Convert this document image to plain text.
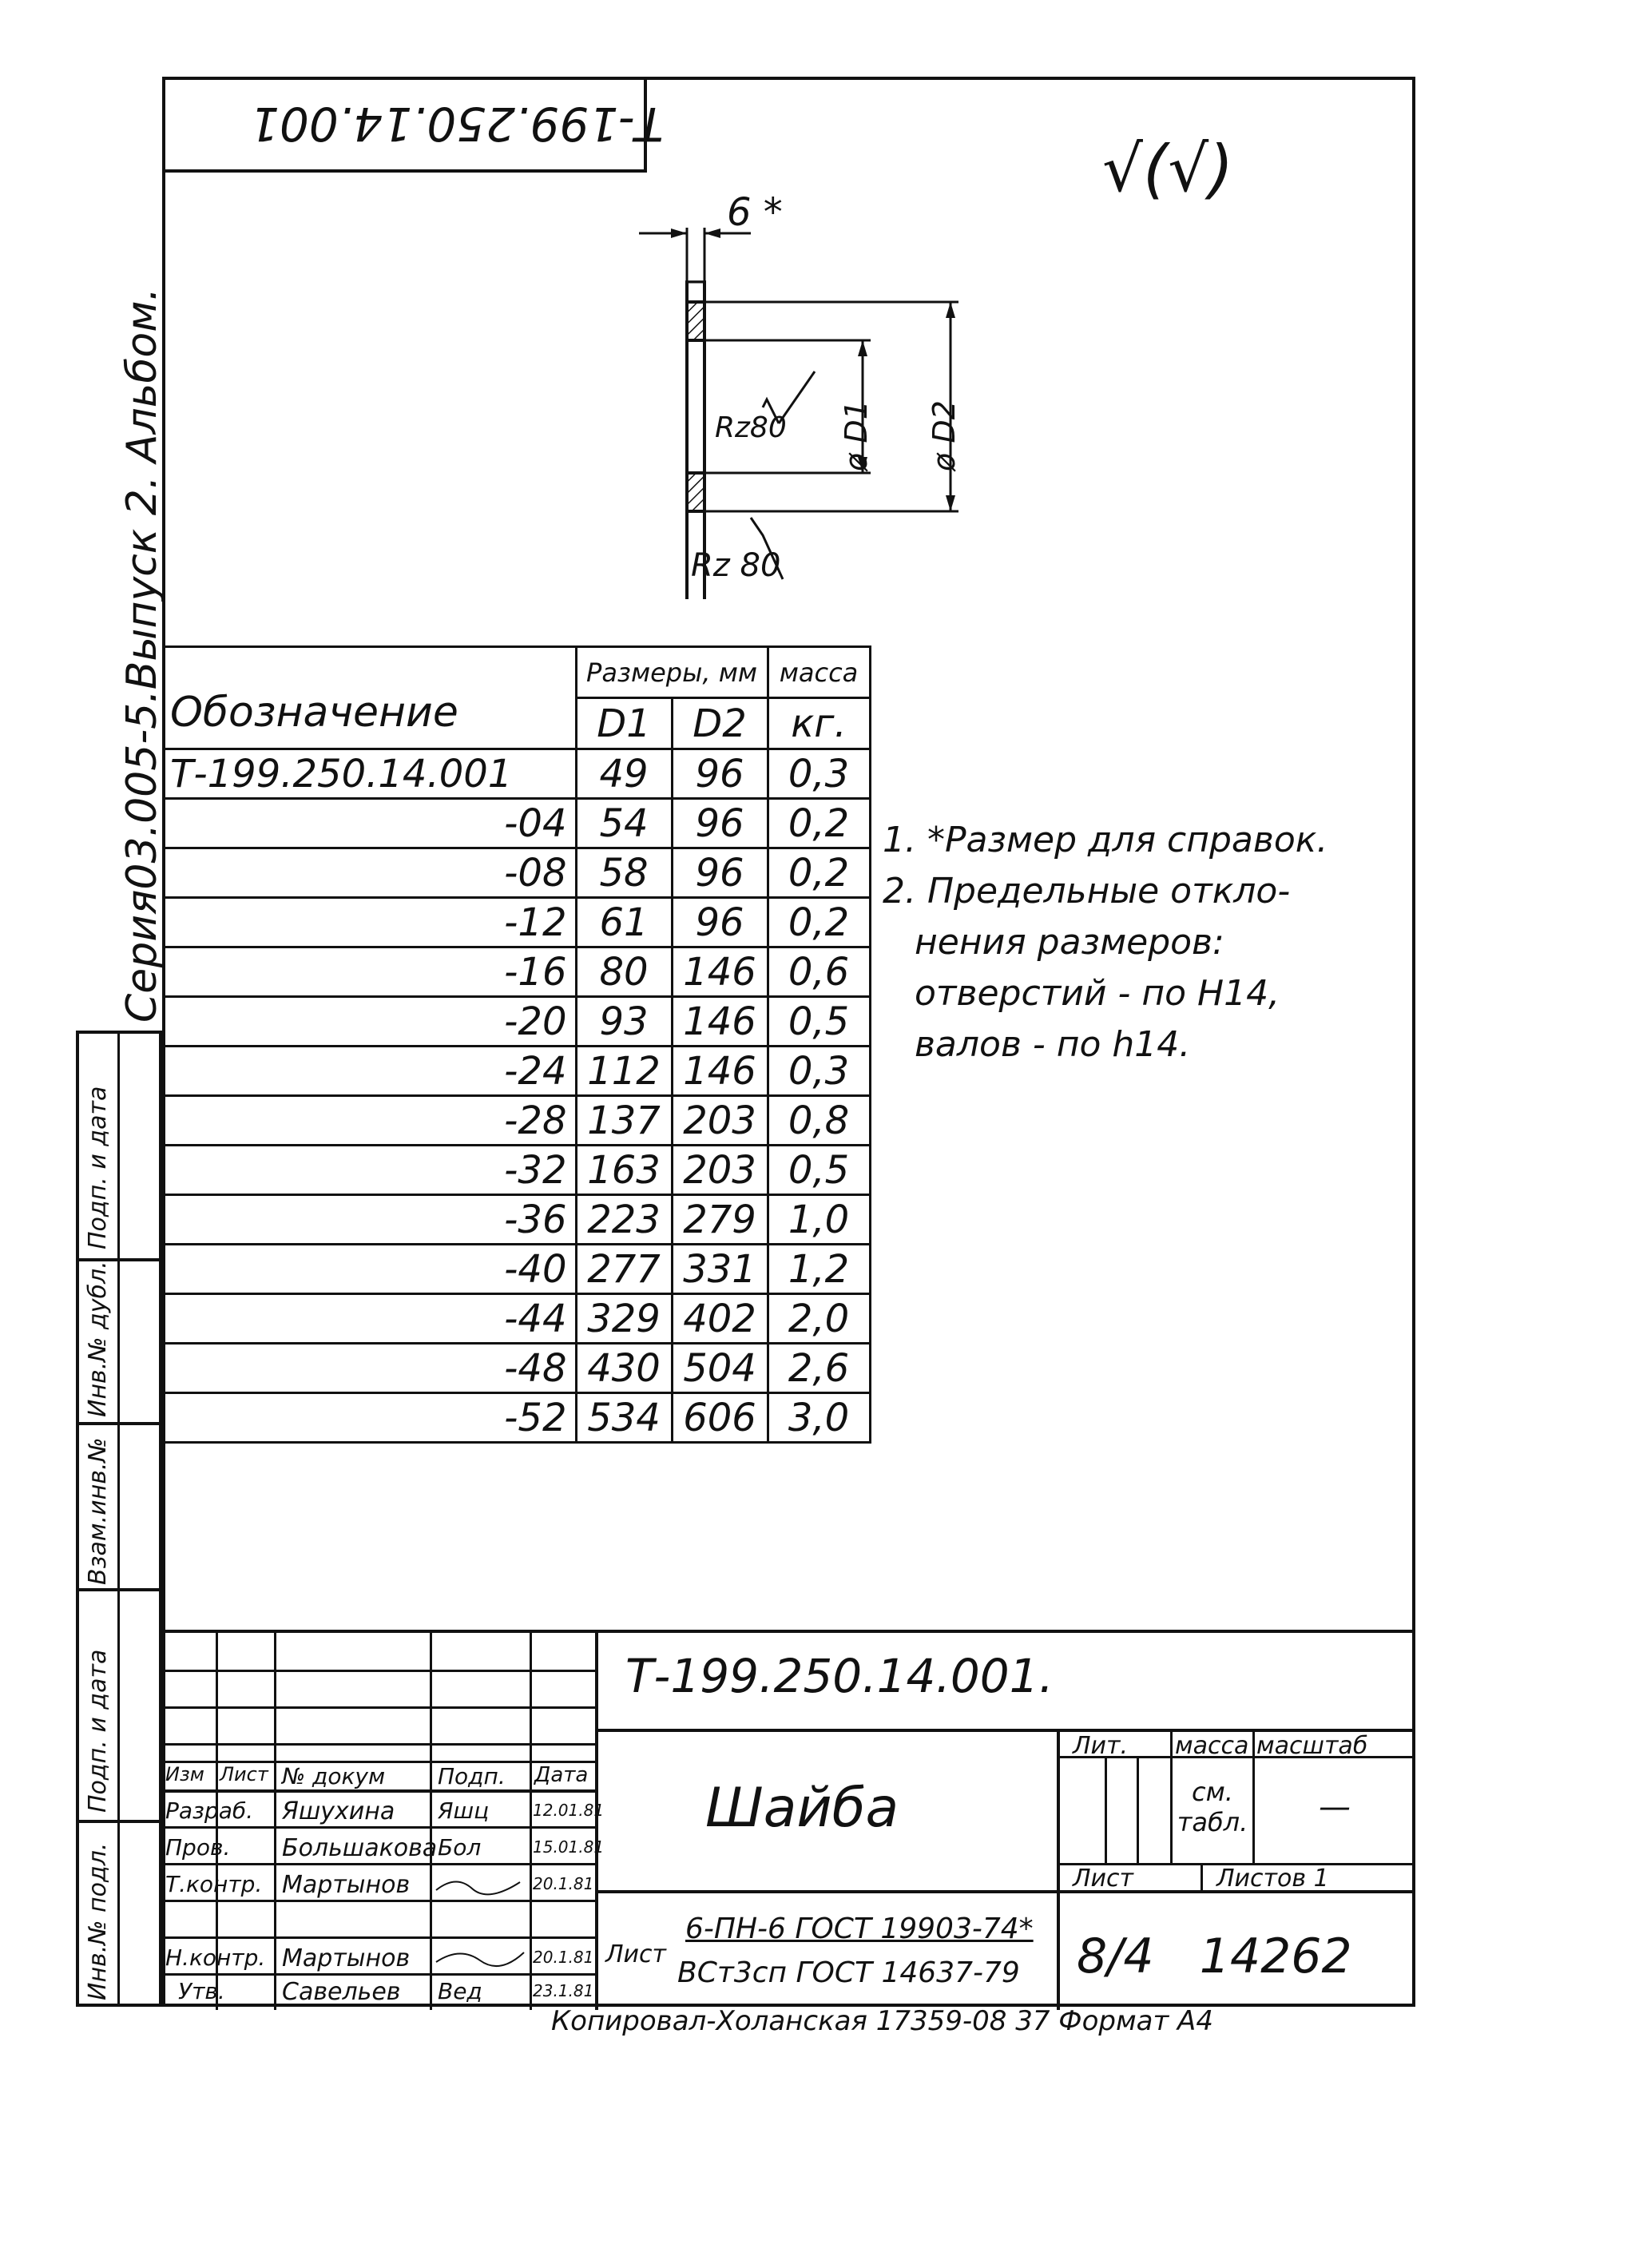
Т-199.250.14.001
√(√)
Серия03.005-5.Выпуск 2. Альбом.
6 *
Rz80
Rz 80
ø D1 ø D2
Обозначение	Размеры, мм		масса
	D1	D2	кг.
Т-199.250.14.001	49	96	0,3
-04	54	96	0,2
-08	58	96	0,2
-12	61	96	0,2
-16	80	146	0,6
-20	93	146	0,5
-24	112	146	0,3
-28	137	203	0,8
-32	163	203	0,5
-36	223	279	1,0
-40	277	331	1,2
-44	329	402	2,0
-48	430	504	2,6
-52	534	606	3,0
1. *Размер для справок.
2. Предельные откло-
нения размеров:
отверстий - по Н14,
валов - по h14.
Подп. и дата
Инв.№ дубл.
Взам.инв.№
Подп. и дата
Инв.№ подл.
Т-199.250.14.001.
Шайба
Изм Лист № докум Подп. Дата
Разраб. Яшухина Яшц	12.01.81
Пров. Большакова Бол	15.01.81
Т.контр. Мартынов	20.1.81
Н.контр. Мартынов	20.1.81
Утв. Савельев Вед	23.1.81
Лит. масса масштаб
см. табл. —
Лист	Листов 1
Лист
6-ПН-6 ГОСТ 19903-74*
ВСт3сп ГОСТ 14637-79 8/4   14262
Копировал-Холанская 17359-08 37 Формат А4
